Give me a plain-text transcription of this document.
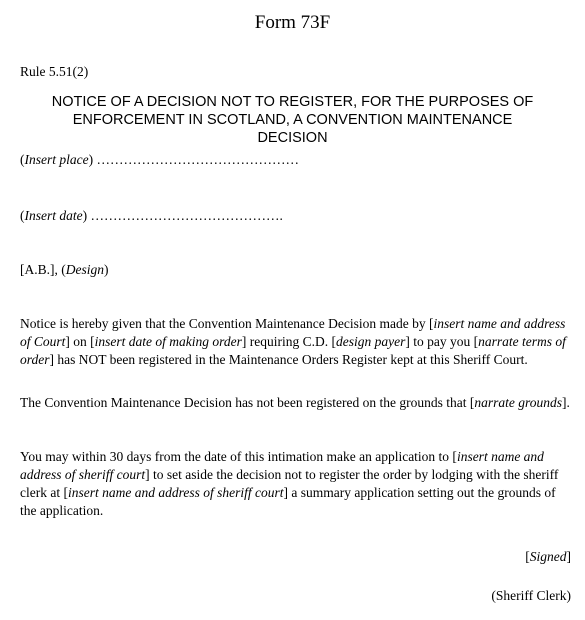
Form 73F
Rule 5.51(2)
NOTICE OF A DECISION NOT TO REGISTER, FOR THE PURPOSES OF
ENFORCEMENT IN SCOTLAND, A CONVENTION MAINTENANCE
DECISION
(Insert place) ………………………………………
(Insert date) …………………………………….
[A.B.], (Design)

Notice is hereby given that the Convention Maintenance Decision made by [insert name and address of Court] on [insert date of making order] requiring C.D. [design payer] to pay you [narrate terms of order] has NOT been registered in the Maintenance Orders Register kept at this Sheriff Court.

The Convention Maintenance Decision has not been registered on the grounds that [narrate grounds].

You may within 30 days from the date of this intimation make an application to [insert name and address of sheriff court] to set aside the decision not to register the order by lodging with the sheriff clerk at [insert name and address of sheriff court] a summary application setting out the grounds of the application.

[Signed]
(Sheriff Clerk)
